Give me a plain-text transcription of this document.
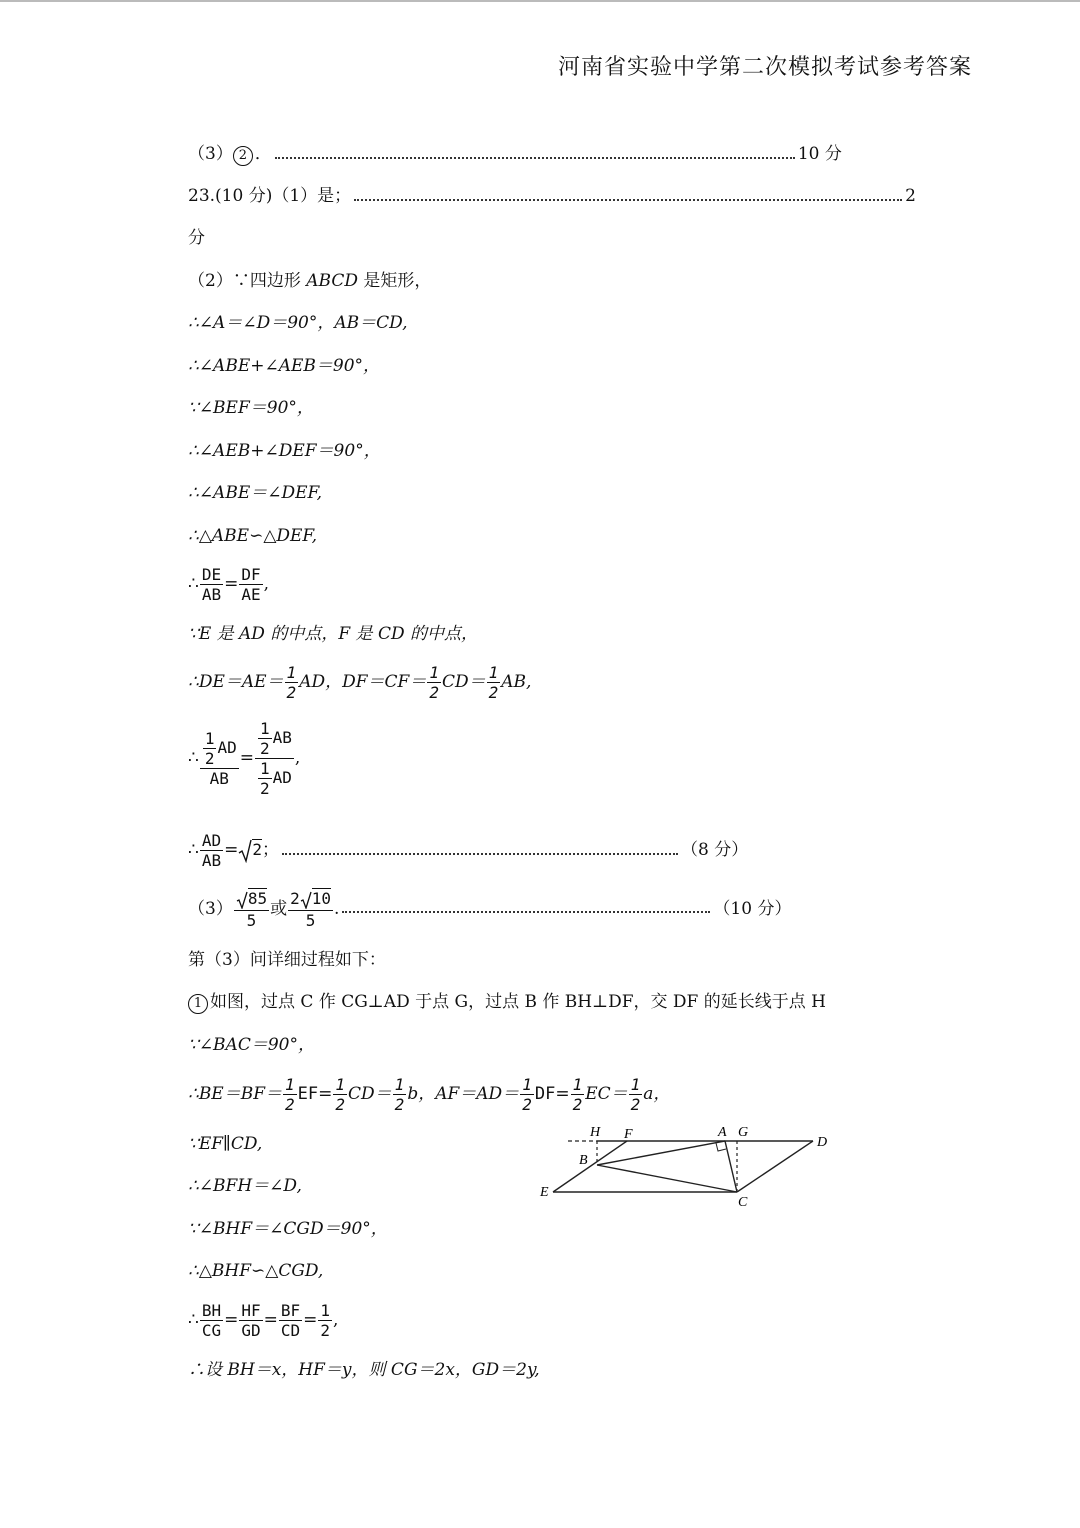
河南省实验中学第二次模拟考试参考答案
（3） 2 ．	10 分
23.(10 分)（1）是；	2
分
（2）∵四边形 ABCD 是矩形，
∴∠A＝∠D＝90°，AB＝CD,
∴∠ABE+∠AEB＝90°，
∵∠BEF＝90°，
∴∠AEB+∠DEF＝90°，
∴∠ABE＝∠DEF,
∴△ABE∽△DEF,
∴ $\frac{DE}{AB} = \frac{DF}{AE}$ ,
∵E 是 AD 的中点，F 是 CD 的中点，
∴DE＝AE＝ $\frac{1}{2}$ AD，$DF=CF= \frac{1}{2} CD= \frac{1}{2}$ AB,
∴ $\frac{\frac{1}{2} AD}{AB} = \frac{\frac{1}{2} AB}{\frac{1}{2} AD}$ ,
∴ $\frac{AD}{AB} = 2$；	（8 分）
$(3) \frac{85}{5}$ 或 $\frac{2 10}{5}$ .	（10 分）
第（3）问详细过程如下：
1 如图，过点 C 作 CG⊥AD 于点 G，过点 B 作 BH⊥DF，交 DF 的延长线于点 H
∵∠BAC＝90°，
∴BE＝BF＝ $\frac{1}{2} EF= \frac{1}{2} CD= \frac{1}{2}$ b，$AF=AD= \frac{1}{2} DF= \frac{1}{2} EC= \frac{1}{2}$ a，
∵EF∥CD,
∴∠BFH＝∠D,
∵∠BHF＝∠CGD＝90°，
∴△BHF∽△CGD,
∴ $\frac{BH}{CG} = \frac{HF}{GD} = \frac{BF}{CD} = \frac{1}{2}$ ,
∴设 BH＝x，HF＝y，则 CG＝2x，GD＝2y,
H F	A G
D
B
E
C
